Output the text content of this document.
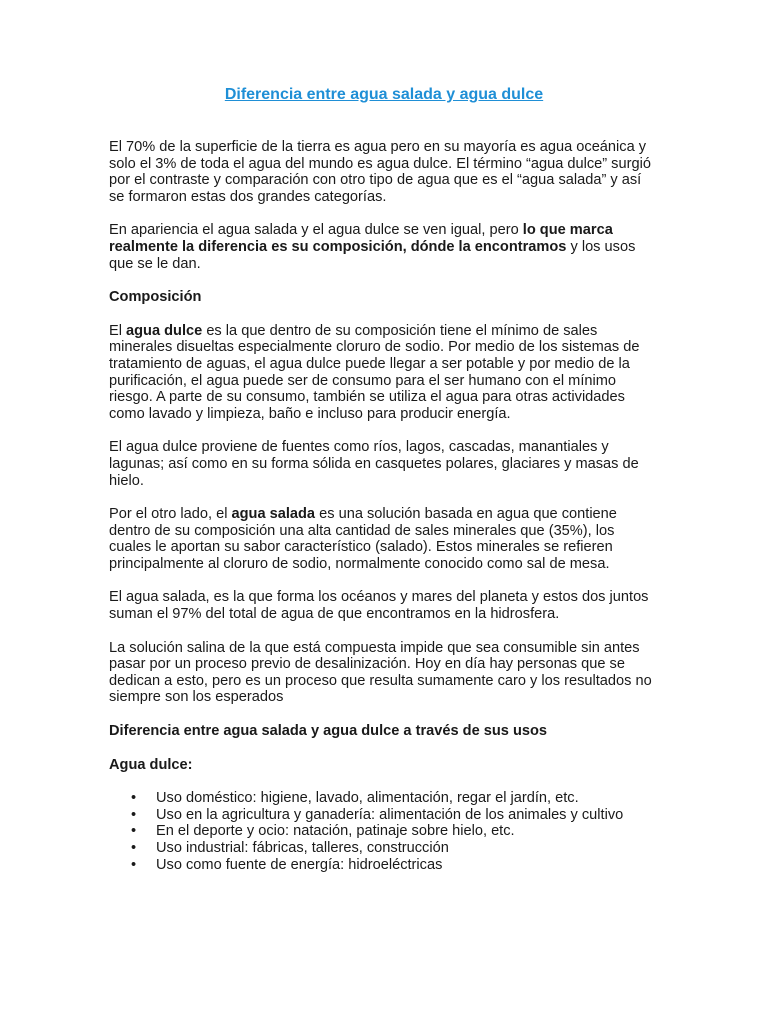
Diferencia entre agua salada y agua dulce

El 70% de la superficie de la tierra es agua pero en su mayoría es agua oceánica y solo el 3% de toda el agua del mundo es agua dulce. El término “agua dulce” surgió por el contraste y comparación con otro tipo de agua que es el “agua salada” y así se formaron estas dos grandes categorías.

En apariencia el agua salada y el agua dulce se ven igual, pero lo que marca realmente la diferencia es su composición, dónde la encontramos y los usos que se le dan.

Composición

El agua dulce es la que dentro de su composición tiene el mínimo de sales minerales disueltas especialmente cloruro de sodio. Por medio de los sistemas de tratamiento de aguas, el agua dulce puede llegar a ser potable y por medio de la purificación, el agua puede ser de consumo para el ser humano con el mínimo riesgo. A parte de su consumo, también se utiliza el agua para otras actividades como lavado y limpieza, baño e incluso para producir energía.

El agua dulce proviene de fuentes como ríos, lagos, cascadas, manantiales y lagunas; así como en su forma sólida en casquetes polares, glaciares y masas de hielo.

Por el otro lado, el agua salada es una solución basada en agua que contiene dentro de su composición una alta cantidad de sales minerales que (35%), los cuales le aportan su sabor característico (salado). Estos minerales se refieren principalmente al cloruro de sodio, normalmente conocido como sal de mesa.

El agua salada, es la que forma los océanos y mares del planeta y estos dos juntos suman el 97% del total de agua de que encontramos en la hidrosfera.

La solución salina de la que está compuesta impide que sea consumible sin antes pasar por un proceso previo de desalinización. Hoy en día hay personas que se dedican a esto, pero es un proceso que resulta sumamente caro y los resultados no siempre son los esperados

Diferencia entre agua salada y agua dulce a través de sus usos

Agua dulce:

• Uso doméstico: higiene, lavado, alimentación, regar el jardín, etc.
• Uso en la agricultura y ganadería: alimentación de los animales y cultivo
• En el deporte y ocio: natación, patinaje sobre hielo, etc.
• Uso industrial: fábricas, talleres, construcción
• Uso como fuente de energía: hidroeléctricas
